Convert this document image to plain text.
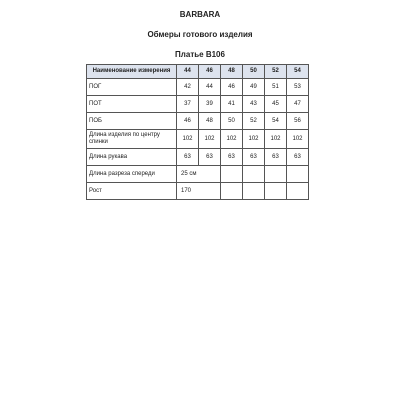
BARBARA
Обмеры готового изделия
Платье В106
Наименование измерения	44	46	48	50	52	54
ПОГ	42	44	46	49	51	53
ПОТ	37	39	41	43	45	47
ПОБ	46	48	50	52	54	56
Длина изделия по центру спинки	102	102	102	102	102	102
Длина рукава	63	63	63	63	63	63
Длина разреза спереди	25 см					
Рост	170					
